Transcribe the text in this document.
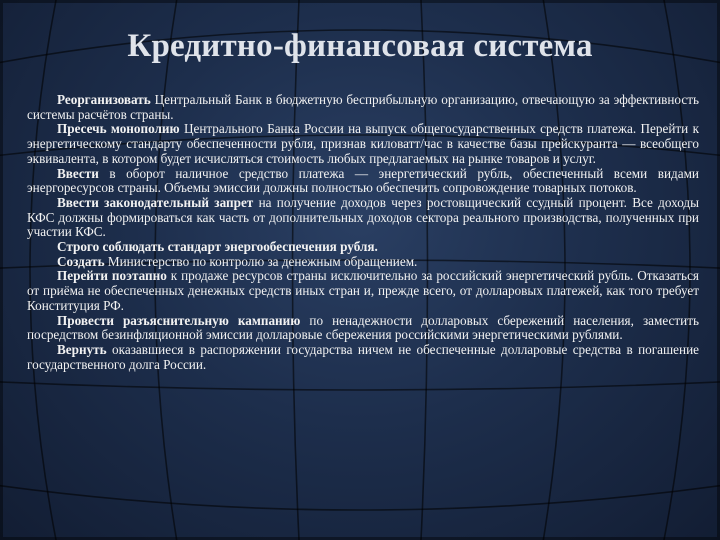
Кредитно-финансовая система

Реорганизовать Центральный Банк в бюджетную бесприбыльную организацию, отвечающую за эффективность системы расчётов страны.

Пресечь монополию Центрального Банка России на выпуск общегосударственных средств платежа. Перейти к энергетическому стандарту обеспеченности рубля, признав киловатт/час в качестве базы прейскуранта — всеобщего эквивалента, в котором будет исчисляться стоимость любых предлагаемых на рынке товаров и услуг.

Ввести в оборот наличное средство платежа — энергетический рубль, обеспеченный всеми видами энергоресурсов страны. Объемы эмиссии должны полностью обеспечить сопровождение товарных потоков.

Ввести законодательный запрет на получение доходов через ростовщический ссудный процент. Все доходы КФС должны формироваться как часть от дополнительных доходов сектора реального производства, полученных при участии КФС.

Строго соблюдать стандарт энергообеспечения рубля.

Создать Министерство по контролю за денежным обращением.

Перейти поэтапно к продаже ресурсов страны исключительно за российский энергетический рубль. Отказаться от приёма не обеспеченных денежных средств иных стран и, прежде всего, от долларовых платежей, как того требует Конституция РФ.

Провести разъяснительную кампанию по ненадежности долларовых сбережений населения, заместить посредством безинфляционной эмиссии долларовые сбережения российскими энергетическими рублями.

Вернуть оказавшиеся в распоряжении государства ничем не обеспеченные долларовые средства в погашение государственного долга России.
